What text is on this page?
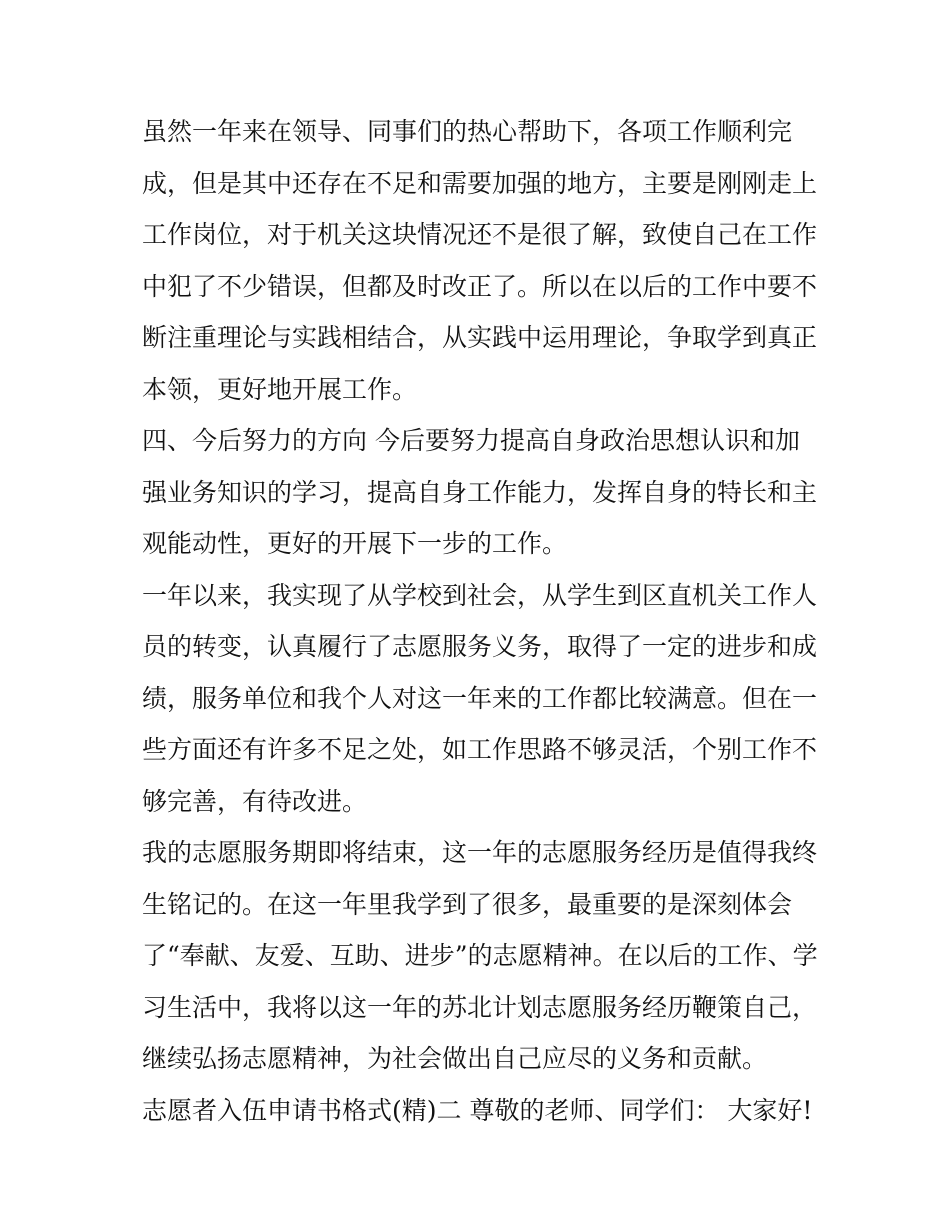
虽然一年来在领导、同事们的热心帮助下，各项工作顺利完
成，但是其中还存在不足和需要加强的地方，主要是刚刚走上
工作岗位，对于机关这块情况还不是很了解，致使自己在工作
中犯了不少错误，但都及时改正了。所以在以后的工作中要不
断注重理论与实践相结合，从实践中运用理论，争取学到真正
本领，更好地开展工作。
四、今后努力的方向 今后要努力提高自身政治思想认识和加
强业务知识的学习，提高自身工作能力，发挥自身的特长和主
观能动性，更好的开展下一步的工作。
一年以来，我实现了从学校到社会，从学生到区直机关工作人
员的转变，认真履行了志愿服务义务，取得了一定的进步和成
绩，服务单位和我个人对这一年来的工作都比较满意。但在一
些方面还有许多不足之处，如工作思路不够灵活，个别工作不
够完善，有待改进。
我的志愿服务期即将结束，这一年的志愿服务经历是值得我终
生铭记的。在这一年里我学到了很多，最重要的是深刻体会
了“奉献、友爱、互助、进步”的志愿精神。在以后的工作、学
习生活中，我将以这一年的苏北计划志愿服务经历鞭策自己，
继续弘扬志愿精神，为社会做出自己应尽的义务和贡献。
志愿者入伍申请书格式(精)二 尊敬的老师、同学们： 大家好!
